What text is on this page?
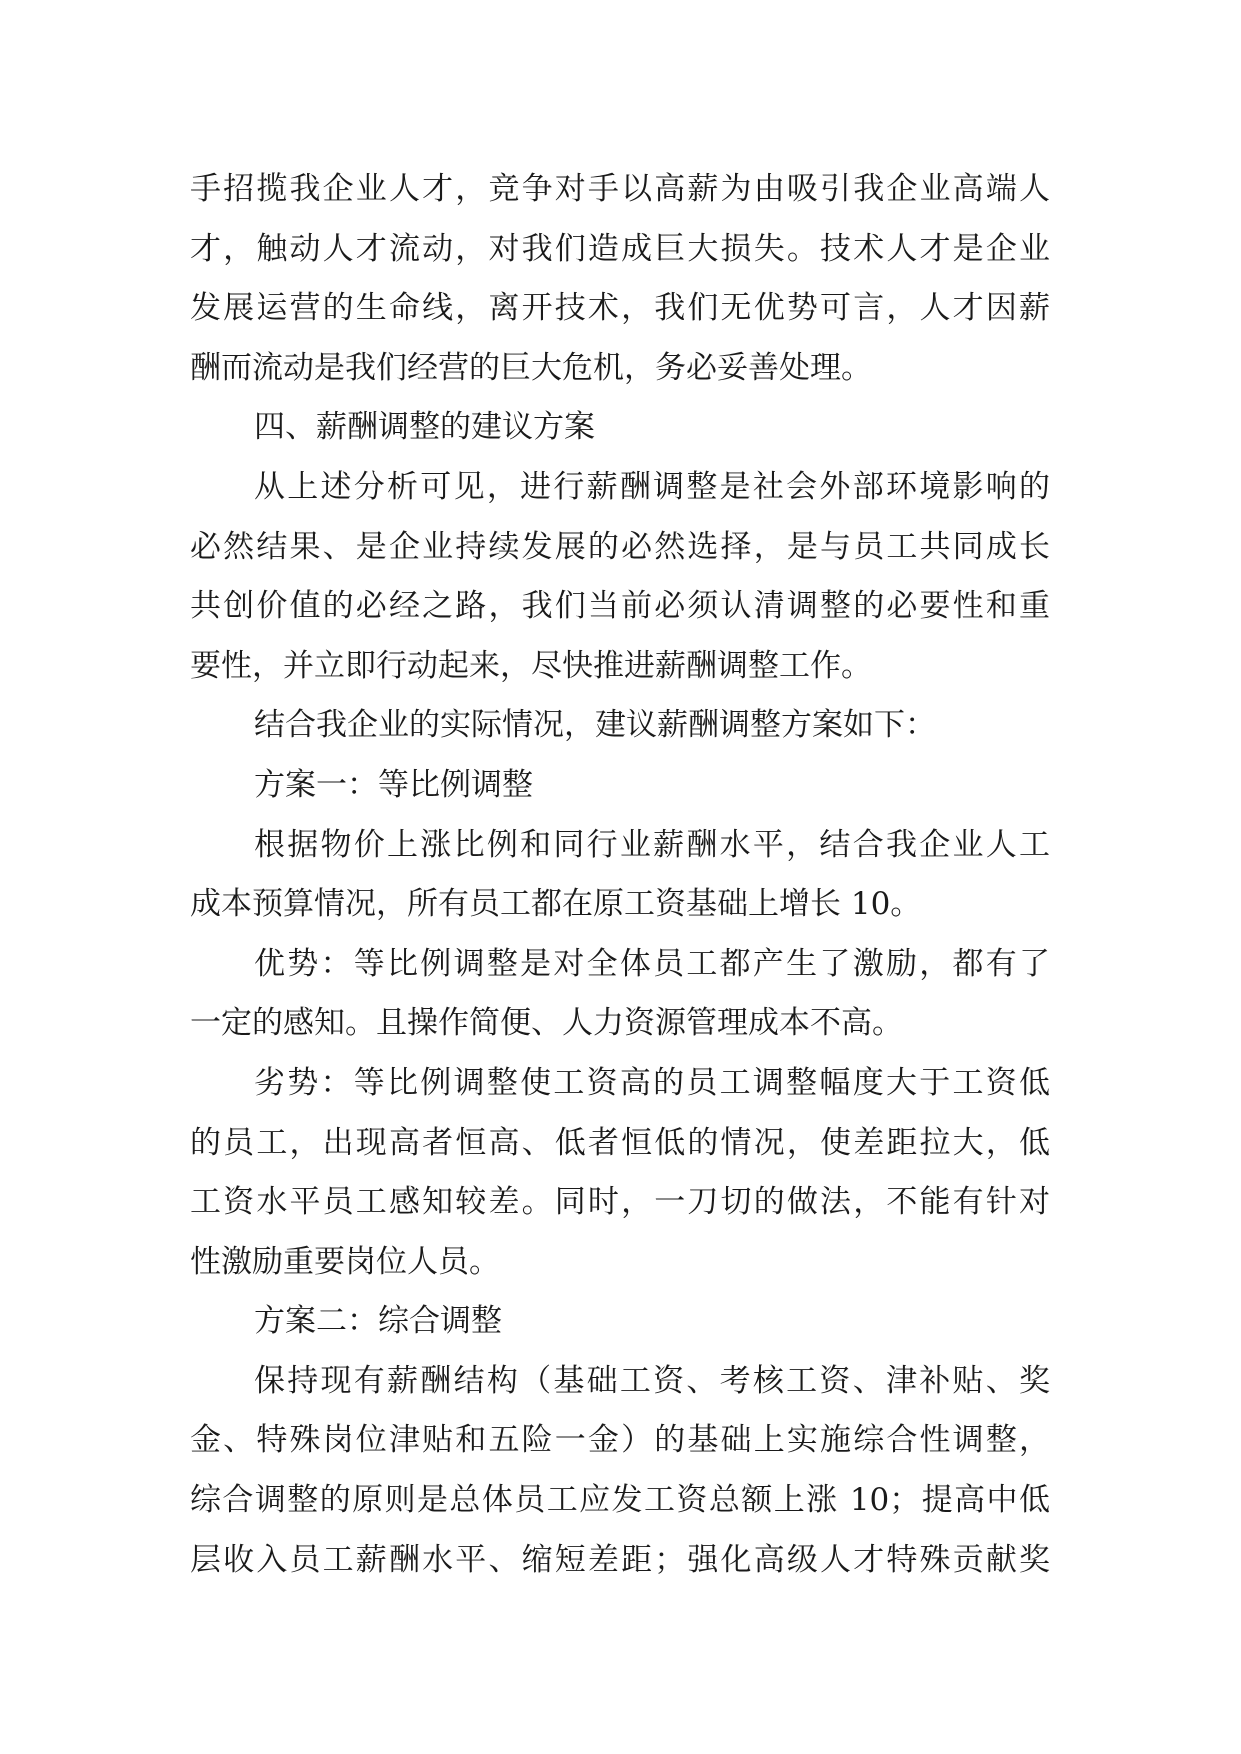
手招揽我企业人才，竞争对手以高薪为由吸引我企业高端人
才，触动人才流动，对我们造成巨大损失。技术人才是企业
发展运营的生命线，离开技术，我们无优势可言，人才因薪
酬而流动是我们经营的巨大危机，务必妥善处理。
四、薪酬调整的建议方案
从上述分析可见，进行薪酬调整是社会外部环境影响的
必然结果、是企业持续发展的必然选择，是与员工共同成长
共创价值的必经之路，我们当前必须认清调整的必要性和重
要性，并立即行动起来，尽快推进薪酬调整工作。
结合我企业的实际情况，建议薪酬调整方案如下：
方案一：等比例调整
根据物价上涨比例和同行业薪酬水平，结合我企业人工
成本预算情况，所有员工都在原工资基础上增长 10。
优势：等比例调整是对全体员工都产生了激励，都有了
一定的感知。且操作简便、人力资源管理成本不高。
劣势：等比例调整使工资高的员工调整幅度大于工资低
的员工，出现高者恒高、低者恒低的情况，使差距拉大，低
工资水平员工感知较差。同时，一刀切的做法，不能有针对
性激励重要岗位人员。
方案二：综合调整
保持现有薪酬结构（基础工资、考核工资、津补贴、奖
金、特殊岗位津贴和五险一金）的基础上实施综合性调整，
综合调整的原则是总体员工应发工资总额上涨 10；提高中低
层收入员工薪酬水平、缩短差距；强化高级人才特殊贡献奖
